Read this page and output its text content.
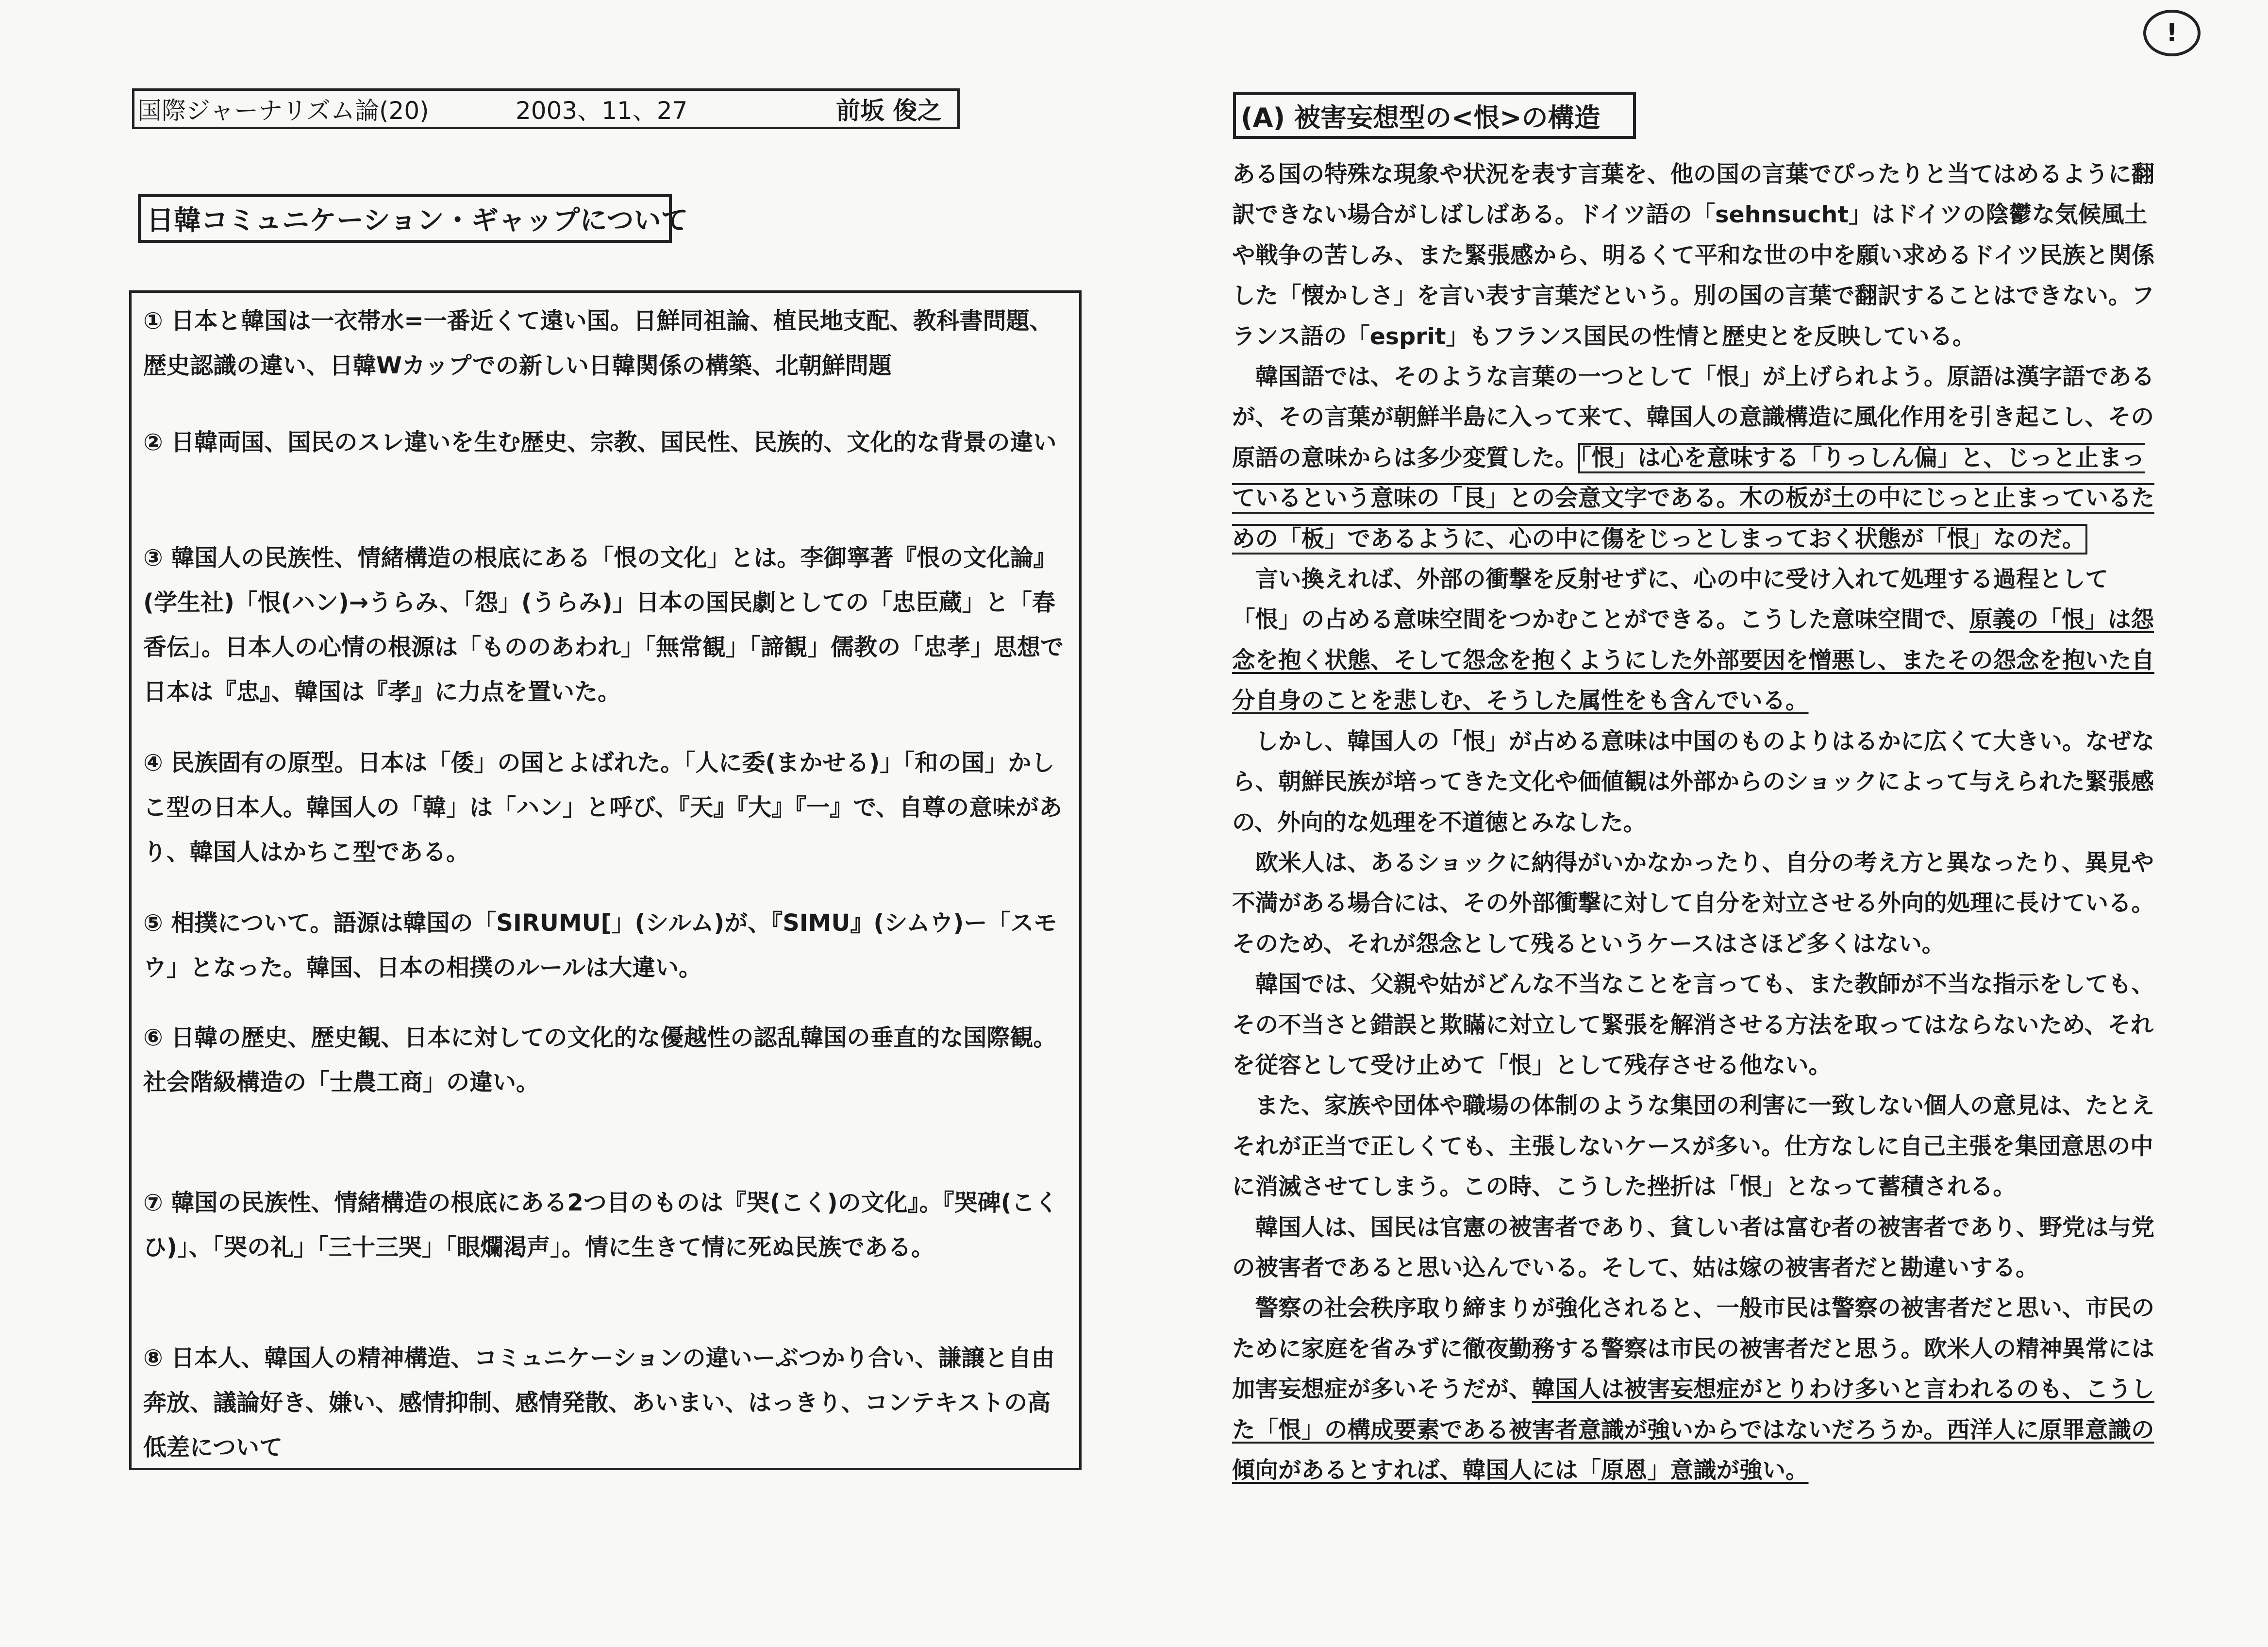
!
国際ジャーナリズム論(20)	2003、11、27	前坂 俊之
日韓コミュニケーション・ギャップについて
① 日本と韓国は一衣帯水=一番近くて遠い国。日鮮同祖論、植民地支配、教科書問題、歴史認識の違い、日韓Wカップでの新しい日韓関係の構築、北朝鮮問題
② 日韓両国、国民のスレ違いを生む歴史、宗教、国民性、民族的、文化的な背景の違い
③ 韓国人の民族性、情緒構造の根底にある「恨の文化」とは。李御寧著『恨の文化論』(学生社)「恨(ハン)→うらみ、「怨」(うらみ)」日本の国民劇としての「忠臣蔵」と「春香伝」。日本人の心情の根源は「もののあわれ」「無常観」「諦観」儒教の「忠孝」思想で日本は『忠』、韓国は『孝』に力点を置いた。
④ 民族固有の原型。日本は「倭」の国とよばれた。「人に委(まかせる)」「和の国」かしこ型の日本人。韓国人の「韓」は「ハン」と呼び、『天』『大』『一』で、自尊の意味があり、韓国人はかちこ型である。
⑤ 相撲について。語源は韓国の「SIRUMU[」(シルム)が、『SIMU』(シムウ)ー「スモウ」となった。韓国、日本の相撲のルールは大違い。
⑥ 日韓の歴史、歴史観、日本に対しての文化的な優越性の認乱韓国の垂直的な国際観。社会階級構造の「士農工商」の違い。
⑦ 韓国の民族性、情緒構造の根底にある2つ目のものは『哭(こく)の文化』。『哭碑(こくひ)」、「哭の礼」「三十三哭」「眼爛渇声」。情に生きて情に死ぬ民族である。
⑧ 日本人、韓国人の精神構造、コミュニケーションの違いーぶつかり合い、謙譲と自由奔放、議論好き、嫌い、感情抑制、感情発散、あいまい、はっきり、コンテキストの高低差について
(A) 被害妄想型の<恨>の構造

ある国の特殊な現象や状況を表す言葉を、他の国の言葉でぴったりと当てはめるように翻訳できない場合がしばしばある。ドイツ語の「sehnsucht」はドイツの陰鬱な気候風土や戦争の苦しみ、また緊張感から、明るくて平和な世の中を願い求めるドイツ民族と関係した「懐かしさ」を言い表す言葉だという。別の国の言葉で翻訳することはできない。フランス語の「esprit」もフランス国民の性情と歴史とを反映している。

　韓国語では、そのような言葉の一つとして「恨」が上げられよう。原語は漢字語であるが、その言葉が朝鮮半島に入って来て、韓国人の意識構造に風化作用を引き起こし、その原語の意味からは多少変質した。「恨」は心を意味する「りっしん偏」と、じっと止まっているという意味の「艮」との会意文字である。木の板が土の中にじっと止まっているための「板」であるように、心の中に傷をじっとしまっておく状態が「恨」なのだ。

　言い換えれば、外部の衝撃を反射せずに、心の中に受け入れて処理する過程として「恨」の占める意味空間をつかむことができる。こうした意味空間で、原義の「恨」は怨念を抱く状態、そして怨念を抱くようにした外部要因を憎悪し、またその怨念を抱いた自分自身のことを悲しむ、そうした属性をも含んでいる。

　しかし、韓国人の「恨」が占める意味は中国のものよりはるかに広くて大きい。なぜなら、朝鮮民族が培ってきた文化や価値観は外部からのショックによって与えられた緊張感の、外向的な処理を不道徳とみなした。

　欧米人は、あるショックに納得がいかなかったり、自分の考え方と異なったり、異見や不満がある場合には、その外部衝撃に対して自分を対立させる外向的処理に長けている。そのため、それが怨念として残るというケースはさほど多くはない。

　韓国では、父親や姑がどんな不当なことを言っても、また教師が不当な指示をしても、その不当さと錯誤と欺瞞に対立して緊張を解消させる方法を取ってはならないため、それを従容として受け止めて「恨」として残存させる他ない。

　また、家族や団体や職場の体制のような集団の利害に一致しない個人の意見は、たとえそれが正当で正しくても、主張しないケースが多い。仕方なしに自己主張を集団意思の中に消滅させてしまう。この時、こうした挫折は「恨」となって蓄積される。

　韓国人は、国民は官憲の被害者であり、貧しい者は富む者の被害者であり、野党は与党の被害者であると思い込んでいる。そして、姑は嫁の被害者だと勘違いする。

　警察の社会秩序取り締まりが強化されると、一般市民は警察の被害者だと思い、市民のために家庭を省みずに徹夜勤務する警察は市民の被害者だと思う。欧米人の精神異常には加害妄想症が多いそうだが、韓国人は被害妄想症がとりわけ多いと言われるのも、こうした「恨」の構成要素である被害者意識が強いからではないだろうか。西洋人に原罪意識の傾向があるとすれば、韓国人には「原恩」意識が強い。
